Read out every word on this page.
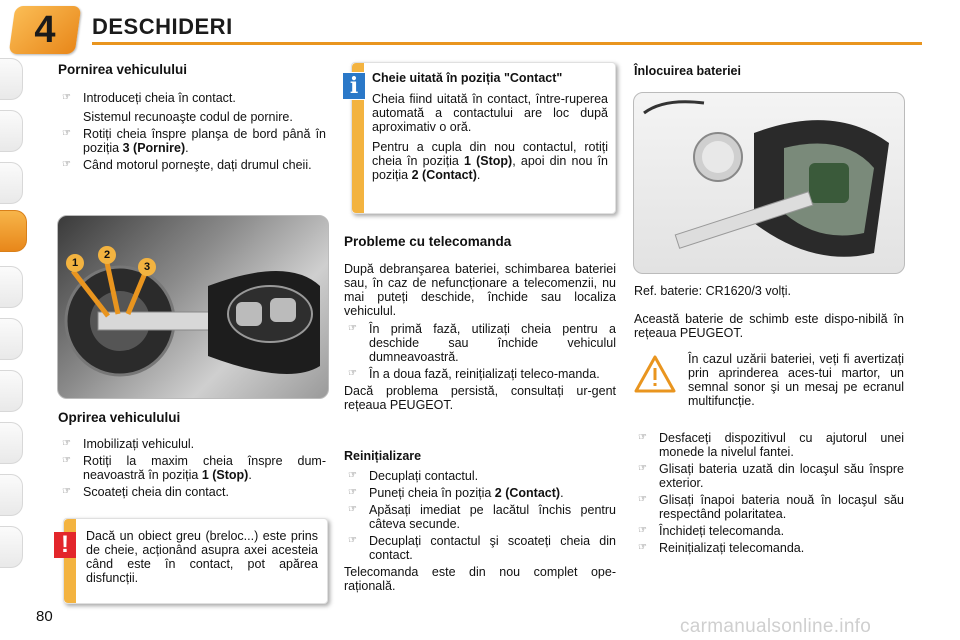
4	DESCHIDERI
Pornirea vehiculului
☞ Introduceți cheia în contact.
Sistemul recunoaşte codul de pornire.
☞ Rotiți cheia înspre planşa de bord până în poziția 3 (Pornire).
☞ Când motorul porneşte, dați drumul cheii.
1
2
3
Oprirea vehiculului
☞ Imobilizați vehiculul.
☞ Rotiți la maxim cheia înspre dum-neavoastră în poziția 1 (Stop).
☞ Scoateți cheia din contact.

Dacă un obiect greu (breloc...) este prins de cheie, acționând asupra axei acesteia când este în contact, pot apărea disfuncții.

!

Cheie uitată în poziția "Contact"

Cheia fiind uitată în contact, între-ruperea automată a contactului are loc după aproximativ o oră.

Pentru a cupla din nou contactul, rotiți cheia în poziția 1 (Stop), apoi din nou în poziția 2 (Contact).

i
Probleme cu telecomanda

După debranşarea bateriei, schimbarea bateriei sau, în caz de nefuncționare a telecomenzii, nu mai puteți deschide, închide sau localiza vehiculul.

☞ În primă fază, utilizați cheia pentru a deschide sau închide vehiculul dumneavoastră.
☞ În a doua fază, reinițializați teleco-manda.

Dacă problema persistă, consultați ur-gent rețeaua PEUGEOT.

Reinițializare

☞ Decuplați contactul.
☞ Puneți cheia în poziția 2 (Contact).
☞ Apăsați imediat pe lacătul închis pentru câteva secunde.
☞ Decuplați contactul şi scoateți cheia din contact.

Telecomanda este din nou complet ope-rațională.

Înlocuirea bateriei

Ref. baterie: CR1620/3 volți.

Această baterie de schimb este dispo-nibilă în rețeaua PEUGEOT.

În cazul uzării bateriei, veți fi avertizați prin aprinderea aces-tui martor, un semnal sonor şi un mesaj pe ecranul multifuncție.

☞ Desfaceți dispozitivul cu ajutorul unei monede la nivelul fantei.
☞ Glisați bateria uzată din locaşul său înspre exterior.
☞ Glisați înapoi bateria nouă în locaşul său respectând polaritatea.
☞ Închideți telecomanda.
☞ Reinițializați telecomanda.
80	carmanualsonline.info
